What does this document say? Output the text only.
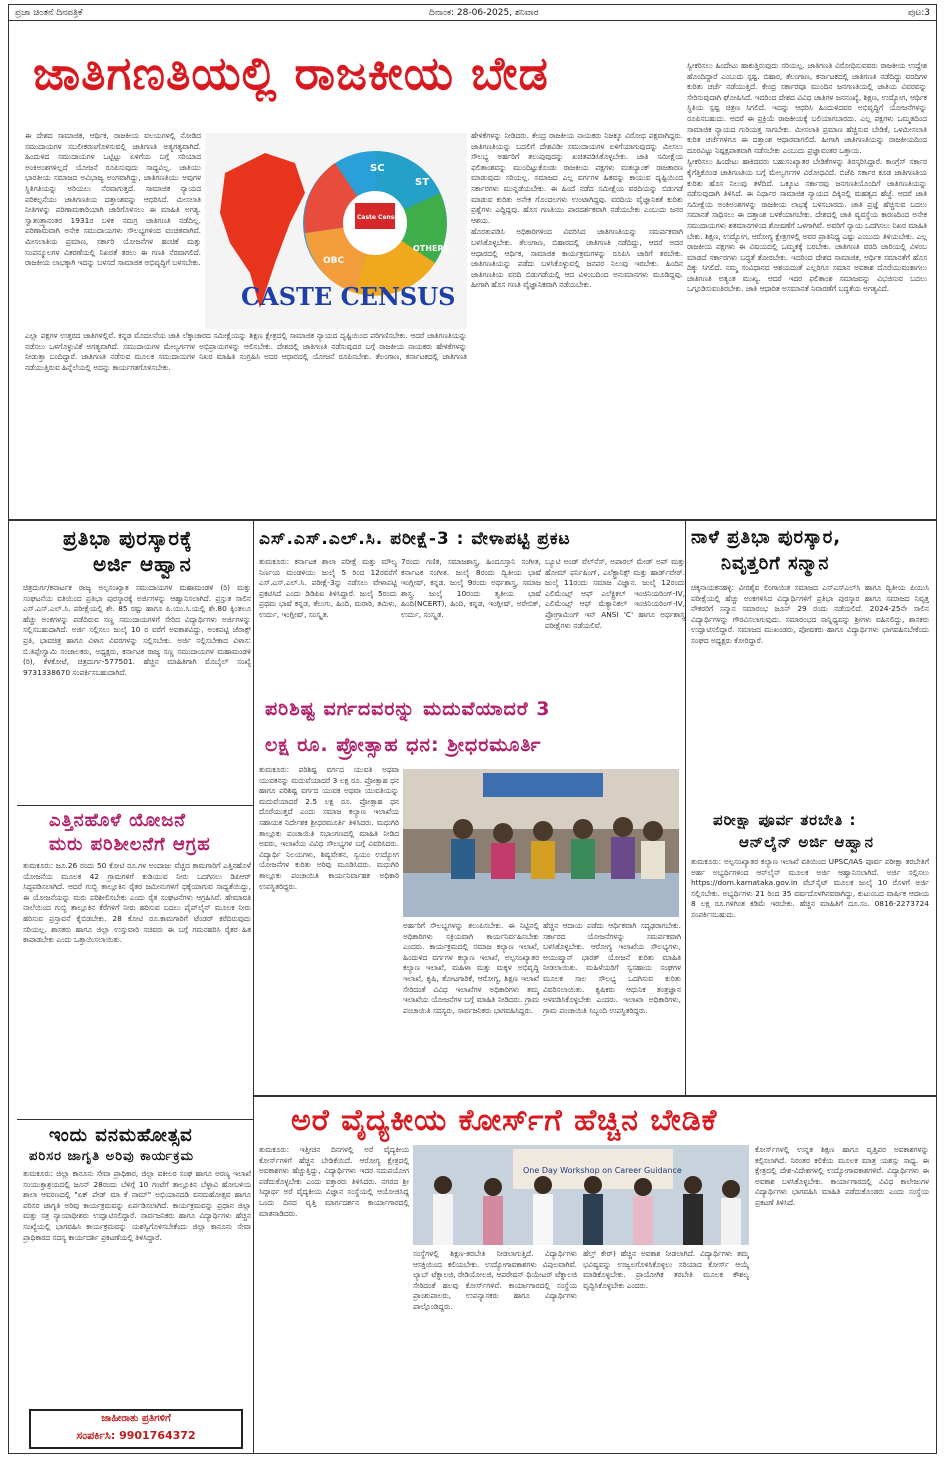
ಪ್ರಜಾ ಚಿಂತನೆ ದಿನಪತ್ರಿಕೆ	ದಿನಾಂಕ: 28-06-2025, ಶನಿವಾರ	ಪುಟ:3
ಜಾತಿಗಣತಿಯಲ್ಲಿ ರಾಜಕೀಯ ಬೇಡ
SC
ST
OTHERS
OBC
Caste Census
CASTE CENSUS

ಈ ದೇಶದ ಸಾಮಾಜಿಕ, ಆರ್ಥಿಕ, ರಾಜಕೀಯ ವಲಯಗಳಲ್ಲಿ ನೋಡಿದ ಸಮುದಾಯಗಳ ಸಬಲೀಕರಣಗೊಳಿಸುವಲ್ಲಿ ಜಾತಿಗಣತಿ ಅತ್ಯಗತ್ಯವಾಗಿದೆ. ಹಿಂದುಳಿದ ಸಮುದಾಯಗಳ ಒಟ್ಟಿಟ್ಟು ಏಳಿಗೆಯ ಬಗ್ಗೆ ಸರಿಯಾದ ಅಂಕಿಅಂಶಗಳಿಲ್ಲದೆ ಯೋಜನೆ ರೂಪಿಸುವುದು ಸಾಧ್ಯವಿಲ್ಲ. ಜಾತಿಯು ಭಾರತೀಯ ಸಮಾಜದ ಅವಿಭಾಜ್ಯ ಅಂಗವಾಗಿದ್ದು, ಜಾತಿಗಣತಿಯು ಅವುಗಳ ಸ್ಥಿತಿಗತಿಯನ್ನು ಅರಿಯಲು ನೆರವಾಗುತ್ತದೆ. ಸಾಮಾಜಿಕ ನ್ಯಾಯದ ಪರಿಕಲ್ಪನೆಯು ಜಾತಿಗಣತಿಯ ದತ್ತಾಂಶವನ್ನು ಆಧರಿಸಿದೆ. ಮೀಸಲಾತಿ ನೀತಿಗಳನ್ನು ಪರಿಣಾಮಕಾರಿಯಾಗಿ ಜಾರಿಗೊಳಿಸಲು ಈ ಮಾಹಿತಿ ಅಗತ್ಯ. ಸ್ವಾತಂತ್ರ್ಯಾನಂತರ 1931ರ ಬಳಿಕ ಸಮಗ್ರ ಜಾತಿಗಣತಿ ನಡೆದಿಲ್ಲ. ಪರಿಣಾಮವಾಗಿ ಅನೇಕ ಸಮುದಾಯಗಳು ಸೌಲಭ್ಯಗಳಿಂದ ವಂಚಿತವಾಗಿವೆ. ಮೀಸಲಾತಿಯ ಪ್ರಮಾಣ, ಸರ್ಕಾರಿ ಯೋಜನೆಗಳ ಹಂಚಿಕೆ ಮತ್ತು ಸಂಪನ್ಮೂಲಗಳ ವಿತರಣೆಯಲ್ಲಿ ನಿಖರತೆ ತರಲು ಈ ಗಣತಿ ನೆರವಾಗಲಿದೆ. ರಾಜಕೀಯ ಲಾಭಕ್ಕಾಗಿ ಇದನ್ನು ಬಳಸದೆ ಸಾಮಾಜಿಕ ಅಭಿವೃದ್ಧಿಗೆ ಬಳಸಬೇಕು.

ಎಲ್ಲಾ ಪಕ್ಷಗಳ ಉತ್ತರದ ಜಾತಿಗಳಲ್ಲಿವೆ. ಕನ್ನಡ ಮೊದಲನೆಯ ಜಾತಿ ಲೆಕ್ಕಾಚಾರದ ಸಮೀಕ್ಷೆಯನ್ನು ಶಿಕ್ಷಣ ಕ್ಷೇತ್ರದಲ್ಲಿ ಸಾಮಾಜಿಕ ನ್ಯಾಯದ ದೃಷ್ಟಿಯಿಂದ ಪರಿಗಣಿಸಬೇಕು. ಆದರೆ ಜಾತಿಗಣತಿಯನ್ನು ನಡೆಸಲು ಒಳಗೊಳ್ಳುವಿಕೆ ಅಗತ್ಯವಾಗಿದೆ. ಸಮುದಾಯಗಳ ಮೇಲ್ವರ್ಗಗಳ ಅಭಿಪ್ರಾಯಗಳನ್ನು ಆಲಿಸಬೇಕು. ದೇಶದಲ್ಲಿ ಜಾತಿಗಣತಿ ನಡೆಸುವುದರ ಬಗ್ಗೆ ರಾಜಕೀಯ ನಾಯಕರು ಹೇಳಿಕೆಗಳನ್ನು ನೀಡುತ್ತಾ ಬಂದಿದ್ದಾರೆ. ಜಾತಿಗಣತಿ ನಡೆಸುವ ಮೂಲಕ ಸಮುದಾಯಗಳ ನಿಖರ ಮಾಹಿತಿ ಸಂಗ್ರಹಿಸಿ ಅದರ ಆಧಾರದಲ್ಲಿ ಯೋಜನೆ ರೂಪಿಸಬೇಕು. ತೆಲಂಗಾಣ, ಕರ್ನಾಟಕದಲ್ಲಿ ಜಾತಿಗಣತಿ ನಡೆಯುತ್ತಿರುವ ಹಿನ್ನೆಲೆಯಲ್ಲಿ ಅದನ್ನು ಕಾರ್ಯಗತಗೊಳಿಸಬೇಕು.

ಹೇಳಿಕೆಗಳನ್ನು ನೀಡಿದರು. ಕೇಂದ್ರ ರಾಜಕೀಯ ನಾಯಕರು ನಿಜಕ್ಕೂ ವಿರೋಧ ಪಕ್ಷವಾಗಿದ್ದರು. ಜಾತಿಗಣತಿಯನ್ನು ಬದಲಿಗೆ ದೇಶವಿಡೀ ಸಮುದಾಯಗಳ ಏಳಿಗೆಯಾಗುವುದನ್ನು ಮೀಸಲು ಸೌಲಭ್ಯ ಅರ್ಹರಿಗೆ ತಲುಪುವುದನ್ನು ಖಚಿತಪಡಿಸಿಕೊಳ್ಳಬೇಕು. ಜಾತಿ ಸಮೀಕ್ಷೆಯ ಫಲಿತಾಂಶವನ್ನು ಮುಂದಿಟ್ಟುಕೊಂಡು ರಾಜಕೀಯ ಪಕ್ಷಗಳು ಮತಬ್ಯಾಂಕ್ ರಾಜಕಾರಣ ಮಾಡುವುದು ಸರಿಯಲ್ಲ. ಸಮಾಜದ ಎಲ್ಲ ವರ್ಗಗಳ ಹಿತವನ್ನು ಕಾಯುವ ದೃಷ್ಟಿಯಿಂದ ಸರ್ಕಾರಗಳು ಮುನ್ನಡೆಯಬೇಕು. ಈ ಹಿಂದೆ ನಡೆದ ಸಮೀಕ್ಷೆಯ ವರದಿಯನ್ನು ಬಿಡುಗಡೆ ಮಾಡುವ ಕುರಿತು ಅನೇಕ ಗೊಂದಲಗಳು ಉಂಟಾಗಿದ್ದವು. ವರದಿಯ ವೈಜ್ಞಾನಿಕತೆ ಕುರಿತು ಪ್ರಶ್ನೆಗಳು ಎದ್ದಿದ್ದವು. ಹೊಸ ಗಣತಿಯು ಪಾರದರ್ಶಕವಾಗಿ ನಡೆಯಬೇಕು ಎಂಬುದು ಜನರ ಆಶಯ.

ಹೊರತುಪಡಿಸಿ ಅಧಿಕಾರಿಗಳಿಂದ ವಿವರಿಸಿದ ಜಾತಿಗಣತಿಯನ್ನು ಸಮರ್ಪಕವಾಗಿ ಬಳಸಿಕೊಳ್ಳಬೇಕು. ತೆಲಂಗಾಣ, ಬಿಹಾರದಲ್ಲಿ ಜಾತಿಗಣತಿ ನಡೆದಿದ್ದು, ಆದರೆ ಅದರ ಆಧಾರದಲ್ಲಿ ಆರ್ಥಿಕ, ಸಾಮಾಜಿಕ ಕಾರ್ಯಕ್ರಮಗಳನ್ನು ರೂಪಿಸಿ ಜಾರಿಗೆ ತರಬೇಕು. ಜಾತಿಗಣತಿಯನ್ನು ಪಡೆದು ಬಳಸಿಕೊಳ್ಳುವಲ್ಲಿ ಜನಪರ ನಿಲುವು ಇರಬೇಕು. ಹಿಂದಿನ ಜಾತಿಗಣತಿಯ ವರದಿ ಬಿಡುಗಡೆಯಲ್ಲಿ ಆದ ವಿಳಂಬದಿಂದ ಅನುಮಾನಗಳು ಮೂಡಿದ್ದವು. ಹೀಗಾಗಿ ಹೊಸ ಗಣತಿ ವೈಜ್ಞಾನಿಕವಾಗಿ ನಡೆಯಬೇಕು.

ಸ್ವೀಕರಿಸಲು ಹಿಂದೇಟು ಹಾಕುತ್ತಿರುವುದು ಸರಿಯಲ್ಲ. ಜಾತಿಗಣತಿ ವಿರೋಧಿಸುವವರು ರಾಜಕೀಯ ಉದ್ದೇಶ ಹೊಂದಿದ್ದಾರೆ ಎಂಬುದು ಸ್ಪಷ್ಟ. ಬಿಹಾರ, ತೆಲಂಗಾಣ, ಕರ್ನಾಟಕದಲ್ಲಿ ಜಾತಿಗಣತಿ ನಡೆದಿದ್ದು ವರದಿಗಳ ಕುರಿತು ಚರ್ಚೆ ನಡೆಯುತ್ತಿದೆ. ಕೇಂದ್ರ ಸರ್ಕಾರವೂ ಮುಂದಿನ ಜನಗಣತಿಯಲ್ಲಿ ಜಾತಿಯ ವಿವರವನ್ನು ಸೇರಿಸುವುದಾಗಿ ಘೋಷಿಸಿದೆ. ಇದರಿಂದ ದೇಶದ ವಿವಿಧ ಜಾತಿಗಳ ಜನಸಂಖ್ಯೆ, ಶಿಕ್ಷಣ, ಉದ್ಯೋಗ, ಆರ್ಥಿಕ ಸ್ಥಿತಿಯ ಸ್ಪಷ್ಟ ಚಿತ್ರಣ ಸಿಗಲಿದೆ. ಇದನ್ನು ಆಧರಿಸಿ ಹಿಂದುಳಿದವರ ಅಭಿವೃದ್ಧಿಗೆ ಯೋಜನೆಗಳನ್ನು ರೂಪಿಸಬಹುದು. ಆದರೆ ಈ ಪ್ರಕ್ರಿಯೆ ರಾಜಕೀಯಕ್ಕೆ ಬಲಿಯಾಗಬಾರದು. ಎಲ್ಲ ಪಕ್ಷಗಳು ಒಮ್ಮತದಿಂದ ಸಾಮಾಜಿಕ ನ್ಯಾಯದ ಗುರಿಯತ್ತ ಸಾಗಬೇಕು. ಮೀಸಲಾತಿ ಪ್ರಮಾಣ ಹೆಚ್ಚಿಸುವ ಬೇಡಿಕೆ, ಒಳಮೀಸಲಾತಿ ಕುರಿತ ಚರ್ಚೆಗಳಿಗೂ ಈ ದತ್ತಾಂಶ ಆಧಾರವಾಗಲಿದೆ. ಹೀಗಾಗಿ ಜಾತಿಗಣತಿಯನ್ನು ರಾಜಕೀಯದಿಂದ ದೂರವಿಟ್ಟು ನಿಷ್ಪಕ್ಷಪಾತವಾಗಿ ನಡೆಸಬೇಕು ಎಂಬುದು ಪ್ರಜ್ಞಾವಂತರ ಒತ್ತಾಯ.

ಸ್ವೀಕರಿಸಲು ಹಿಂದೇಟು ಹಾಕಿದವರು ಬಹುಸಂಖ್ಯಾತರ ಬೇಡಿಕೆಗಳನ್ನು ತಿರಸ್ಕರಿಸಿದ್ದಾರೆ. ಕಾಂಗ್ರೆಸ್ ಸರ್ಕಾರ ಕೈಗೆತ್ತಿಕೊಂಡ ಜಾತಿಗಣತಿಯ ಬಗ್ಗೆ ಮೇಲ್ವರ್ಗಗಳ ವಿರೋಧವಿದೆ. ಬಿಜೆಪಿ ಸರ್ಕಾರ ಕೂಡ ಜಾತಿಗಣತಿಯ ಕುರಿತು ಹೊಸ ನಿಲುವು ತಳೆದಿದೆ. ಒಕ್ಕೂಟ ಸರ್ಕಾರವು ಜನಗಣತಿಯೊಂದಿಗೆ ಜಾತಿಗಣತಿಯನ್ನು ನಡೆಸುವುದಾಗಿ ತಿಳಿಸಿದೆ. ಈ ನಿರ್ಧಾರ ಸಾಮಾಜಿಕ ನ್ಯಾಯದ ದಿಕ್ಕಿನಲ್ಲಿ ಮಹತ್ವದ ಹೆಜ್ಜೆ. ಆದರೆ ಜಾತಿ ಸಮೀಕ್ಷೆಯ ಅಂಕಿಅಂಶಗಳನ್ನು ರಾಜಕೀಯ ಲಾಭಕ್ಕೆ ಬಳಸಬಾರದು. ಜಾತಿ ಪ್ರಜ್ಞೆ ಹೆಚ್ಚಿಸುವ ಬದಲು ಸಮಾನತೆ ಸಾಧಿಸಲು ಈ ದತ್ತಾಂಶ ಬಳಕೆಯಾಗಬೇಕು. ದೇಶದಲ್ಲಿ ಜಾತಿ ವ್ಯವಸ್ಥೆಯ ಕಾರಣದಿಂದ ಅನೇಕ ಸಮುದಾಯಗಳು ಶತಮಾನಗಳಿಂದ ಶೋಷಣೆಗೆ ಒಳಗಾಗಿವೆ. ಅವರಿಗೆ ನ್ಯಾಯ ಒದಗಿಸಲು ನಿಖರ ಮಾಹಿತಿ ಬೇಕು. ಶಿಕ್ಷಣ, ಉದ್ಯೋಗ, ಆರೋಗ್ಯ ಕ್ಷೇತ್ರಗಳಲ್ಲಿ ಅವರ ಪ್ರಾತಿನಿಧ್ಯ ಎಷ್ಟು ಎಂಬುದು ತಿಳಿಯಬೇಕು. ಎಲ್ಲ ರಾಜಕೀಯ ಪಕ್ಷಗಳು ಈ ವಿಷಯದಲ್ಲಿ ಒಮ್ಮತಕ್ಕೆ ಬರಬೇಕು. ಜಾತಿಗಣತಿ ವರದಿ ಜಾರಿಯಲ್ಲಿ ವಿಳಂಬ ಮಾಡದೆ ಸರ್ಕಾರಗಳು ಬದ್ಧತೆ ತೋರಬೇಕು. ಇದರಿಂದ ದೇಶದ ಸಾಮಾಜಿಕ, ಆರ್ಥಿಕ ಸಮಾನತೆಗೆ ಹೊಸ ದಿಕ್ಕು ಸಿಗಲಿದೆ. ನಮ್ಮ ಸಂವಿಧಾನದ ಆಶಯದಂತೆ ಎಲ್ಲರಿಗೂ ಸಮಾನ ಅವಕಾಶ ದೊರೆಯುವಂತಾಗಲು ಜಾತಿಗಣತಿ ಅತ್ಯಂತ ಮುಖ್ಯ. ಆದರೆ ಇದರ ಫಲಿತಾಂಶ ಸಮಾಜವನ್ನು ವಿಭಜಿಸುವ ಬದಲು ಒಗ್ಗೂಡಿಸುವಂತಿರಬೇಕು. ಜಾತಿ ಆಧಾರಿತ ಅಸಮಾನತೆ ನಿವಾರಣೆಗೆ ಬದ್ಧತೆಯ ಅಗತ್ಯವಿದೆ.

ಪ್ರತಿಭಾ ಪುರಸ್ಕಾರಕ್ಕೆ
ಅರ್ಜಿ ಆಹ್ವಾನ

ಚಿತ್ರದುರ್ಗ/ಕನಾರ್ಟಕ ರಾಜ್ಯ ಅಲ್ಪಸಂಖ್ಯಾತ ಸಮುದಾಯಗಳ ಮಹಾಮಂಡಳಿ (ರಿ) ಮತ್ತು ಸಂಘಟನೆಯ ವತಿಯಿಂದ ಪ್ರತಿಭಾ ಪುರಸ್ಕಾರಕ್ಕೆ ಅರ್ಜಿಗಳನ್ನು ಆಹ್ವಾನಿಸಲಾಗಿದೆ. ಪ್ರಸ್ತುತ ಸಾಲಿನ ಎಸ್.ಎಸ್.ಎಲ್.ಸಿ. ಪರೀಕ್ಷೆಯಲ್ಲಿ ಶೇ. 85 ರಷ್ಟು ಹಾಗೂ ಪಿ.ಯು.ಸಿ.ಯಲ್ಲಿ ಶೇ.80 ಕ್ಕಿಂತಲೂ ಹೆಚ್ಚು ಅಂಕಗಳನ್ನು ಪಡೆದಿರುವ ಸಣ್ಣ ಸಮುದಾಯಗಳಿಗೆ ಸೇರಿದ ವಿದ್ಯಾರ್ಥಿಗಳು ಅರ್ಜಿಗಳನ್ನು ಸಲ್ಲಿಸಬಹುದಾಗಿದೆ. ಅರ್ಜಿ ಸಲ್ಲಿಸಲು ಜುಲೈ 10 ರ ವರೆಗೆ ಅವಕಾಶವಿದ್ದು, ಅಂಕಪಟ್ಟಿ ಜೆರಾಕ್ಸ್ ಪ್ರತಿ, ಭಾವಚಿತ್ರ ಹಾಗೂ ವಿಳಾಸ ವಿವರಗಳನ್ನು ಸಲ್ಲಿಸಬೇಕು. ಅರ್ಜಿ ಸಲ್ಲಿಸಬೇಕಾದ ವಿಳಾಸ: ಬಿ.ತಿಪ್ಪೇಸ್ವಾಮಿ ಸಂಚಾಲಕರು, ಅಧ್ಯಕ್ಷರು, ಕರ್ನಾಟಕ ರಾಜ್ಯ ಸಣ್ಣ ಸಮುದಾಯಗಳ ಮಹಾಮಂಡಳಿ (ರಿ), ಕೆಳಕೋಟೆ, ಚಿತ್ರದುರ್ಗ-577501. ಹೆಚ್ಚಿನ ಮಾಹಿತಿಗಾಗಿ ಮೊಬೈಲ್ ಸಂಖ್ಯೆ 9731338670 ಸಂಪರ್ಕಿಸಬಹುದಾಗಿದೆ.

ಎತ್ತಿನಹೊಳೆ ಯೋಜನೆ
ಮರು ಪರಿಶೀಲನೆಗೆ ಆಗ್ರಹ

ತುಮಕೂರು: ಜೂ.26 ರಂದು 50 ಕೋಟಿ ರೂ.ಗಳ ಅಂದಾಜು ವೆಚ್ಚದ ಕಾಮಗಾರಿಗೆ ಎತ್ತಿನಹೊಳೆ ಯೋಜನೆಯ ಮೂಲಕ 42 ಗ್ರಾಮಗಳಿಗೆ ಕುಡಿಯುವ ನೀರು ಒದಗಿಸಲು ಡಿಪಿಆರ್ ಸಿದ್ಧಪಡಿಸಲಾಗಿದೆ. ಆದರೆ ಗುಬ್ಬಿ ತಾಲ್ಲೂಕಿನ ರೈತರ ಜಮೀನುಗಳಿಗೆ ಧಕ್ಕೆಯಾಗುವ ಸಾಧ್ಯತೆಯಿದ್ದು, ಈ ಯೋಜನೆಯನ್ನು ಮರು ಪರಿಶೀಲಿಸಬೇಕು ಎಂದು ರೈತ ಸಂಘಟನೆಗಳು ಆಗ್ರಹಿಸಿವೆ. ಹೇಮಾವತಿ ನಾಲೆಯಿಂದ ಗುಬ್ಬಿ ತಾಲ್ಲೂಕಿನ ಕೆರೆಗಳಿಗೆ ನೀರು ಹರಿಸುವ ಬದಲು ಪೈಪ್‌ಲೈನ್ ಮೂಲಕ ನೀರು ಹರಿಸುವ ಪ್ರಸ್ತಾವನೆ ಕೈಬಿಡಬೇಕು. 28 ಕೋಟಿ ರೂ.ಕಾಮಗಾರಿಗೆ ಟೆಂಡರ್ ಕರೆದಿರುವುದು ಸರಿಯಲ್ಲ. ಶಾಸಕರು ಹಾಗೂ ಜಿಲ್ಲಾ ಉಸ್ತುವಾರಿ ಸಚಿವರು ಈ ಬಗ್ಗೆ ಗಮನಹರಿಸಿ ರೈತರ ಹಿತ ಕಾಪಾಡಬೇಕು ಎಂದು ಒತ್ತಾಯಿಸಲಾಯಿತು.

ಇಂದು ವನಮಹೋತ್ಸವ
ಪರಿಸರ ಜಾಗೃತಿ ಅರಿವು ಕಾರ್ಯಕ್ರಮ

ತುಮಕೂರು: ಜಿಲ್ಲಾ ಕಾನೂನು ಸೇವಾ ಪ್ರಾಧಿಕಾರ, ಜಿಲ್ಲಾ ವಕೀಲರ ಸಂಘ ಹಾಗೂ ಅರಣ್ಯ ಇಲಾಖೆ ಸಂಯುಕ್ತಾಶ್ರಯದಲ್ಲಿ ಜೂನ್ 28ರಂದು ಬೆಳಿಗ್ಗೆ 10 ಗಂಟೆಗೆ ತಾಲ್ಲೂಕಿನ ಬೆಳ್ಳಾವಿ ಹೋಬಳಿಯ ಶಾಲಾ ಆವರಣದಲ್ಲಿ "ಏಕ್ ಪೇಡ್ ಮಾ ಕೆ ನಾಮ್" ಅಭಿಯಾನದಡಿ ವನಮಹೋತ್ಸವ ಹಾಗೂ ಪರಿಸರ ಜಾಗೃತಿ ಅರಿವು ಕಾರ್ಯಕ್ರಮವನ್ನು ಏರ್ಪಡಿಸಲಾಗಿದೆ. ಕಾರ್ಯಕ್ರಮವನ್ನು ಪ್ರಧಾನ ಜಿಲ್ಲಾ ಮತ್ತು ಸತ್ರ ನ್ಯಾಯಾಧೀಶರು ಉದ್ಘಾಟಿಸಲಿದ್ದಾರೆ. ಸಾರ್ವಜನಿಕರು ಹಾಗೂ ವಿದ್ಯಾರ್ಥಿಗಳು ಹೆಚ್ಚಿನ ಸಂಖ್ಯೆಯಲ್ಲಿ ಭಾಗವಹಿಸಿ ಕಾರ್ಯಕ್ರಮವನ್ನು ಯಶಸ್ವಿಗೊಳಿಸಬೇಕೆಂದು ಜಿಲ್ಲಾ ಕಾನೂನು ಸೇವಾ ಪ್ರಾಧಿಕಾರದ ಸದಸ್ಯ ಕಾರ್ಯದರ್ಶಿ ಪ್ರಕಟಣೆಯಲ್ಲಿ ತಿಳಿಸಿದ್ದಾರೆ.

ಜಾಹೀರಾತು ಪ್ರತಿಗಳಿಗೆ
ಸಂಪರ್ಕಿಸಿ: 9901764372
ಎಸ್.ಎಸ್.ಎಲ್.ಸಿ. ಪರೀಕ್ಷೆ-3 : ವೇಳಾಪಟ್ಟಿ ಪ್ರಕಟ

ತುಮಕೂರು: ಕರ್ನಾಟಕ ಶಾಲಾ ಪರೀಕ್ಷೆ ಮತ್ತು ಮೌಲ್ಯ ನಿರ್ಣಯ ಮಂಡಳಿಯು ಜುಲೈ 5 ರಿಂದ 12ರವರೆಗೆ ಎಸ್.ಎಸ್.ಎಲ್.ಸಿ. ಪರೀಕ್ಷೆ-3ನ್ನು ನಡೆಸಲು ವೇಳಾಪಟ್ಟಿ ಪ್ರಕಟಿಸಿದೆ ಎಂದು ಡಿಡಿಪಿಐ ತಿಳಿಸಿದ್ದಾರೆ. ಜುಲೈ 5ರಂದು ಪ್ರಥಮ ಭಾಷೆ ಕನ್ನಡ, ತೆಲುಗು, ಹಿಂದಿ, ಮರಾಠಿ, ತಮಿಳು, ಉರ್ದು, ಇಂಗ್ಲೀಷ್, ಸಂಸ್ಕೃತ.

7ರಂದು ಗಣಿತ, ಸಮಾಜಶಾಸ್ತ್ರ, ಹಿಂದೂಸ್ತಾನಿ ಸಂಗೀತ, ಕರ್ನಾಟಕ ಸಂಗೀತ. ಜುಲೈ 8ರಂದು ದ್ವಿತೀಯ ಭಾಷೆ ಇಂಗ್ಲೀಷ್, ಕನ್ನಡ. ಜುಲೈ 9ರಂದು ಅರ್ಥಶಾಸ್ತ್ರ, ಸಮಾಜ ಶಾಸ್ತ್ರ. ಜುಲೈ 10ರಂದು ತೃತೀಯ ಭಾಷೆ ಹಿಂದಿ(NCERT), ಹಿಂದಿ, ಕನ್ನಡ, ಇಂಗ್ಲೀಷ್, ಅರೇಬಿಕ್, ಉರ್ದು, ಸಂಸ್ಕೃತ.

ಬ್ಯೂಟಿ ಅಂಡ್ ವೆಲ್‌ನೆಸ್, ಅಪಾರಲ್ ಮೇಡ್ ಅಪ್ ಮತ್ತು ಹೋಮ್ ಫರ್ನಿಷಿಂಗ್, ಎಲೆಕ್ಟ್ರಾನಿಕ್ಸ್ ಮತ್ತು ಹಾರ್ಡ್‌ವೇರ್. ಜುಲೈ 11ರಂದು ಸಮಾಜ ವಿಜ್ಞಾನ. ಜುಲೈ 12ರಂದು ಎಲಿಮೆಂಟ್ಸ್ ಆಫ್ ಎಲೆಕ್ಟ್ರಿಕಲ್ ಇಂಜಿನಿಯರಿಂಗ್-IV, ಎಲಿಮೆಂಟ್ಸ್ ಆಫ್ ಮೆಕ್ಯಾನಿಕಲ್ ಇಂಜಿನಿಯರಿಂಗ್-IV, ಪ್ರೋಗ್ರಾಮಿಂಗ್ ಇನ್ ANSI 'C' ಹಾಗೂ ಅರ್ಥಶಾಸ್ತ್ರ ಪರೀಕ್ಷೆಗಳು ನಡೆಯಲಿವೆ.

ಪರಿಶಿಷ್ಟ ವರ್ಗದವರನ್ನು ಮದುವೆಯಾದರೆ 3
ಲಕ್ಷ ರೂ. ಪ್ರೋತ್ಸಾಹ ಧನ: ಶ್ರೀಧರಮೂರ್ತಿ

ತುಮಕೂರು: ಪರಿಶಿಷ್ಟ ವರ್ಗದ ಯುವತಿ ಅಥವಾ ಯುವಕನನ್ನು ಮದುವೆಯಾದರೆ 3 ಲಕ್ಷ ರೂ. ಪ್ರೋತ್ಸಾಹ ಧನ ಹಾಗೂ ಪರಿಶಿಷ್ಟ ವರ್ಗದ ಯುವಕ ಅಥವಾ ಯುವತಿಯನ್ನು ಮದುವೆಯಾದರೆ 2.5 ಲಕ್ಷ ರೂ. ಪ್ರೋತ್ಸಾಹ ಧನ ದೊರೆಯುತ್ತದೆ ಎಂದು ಸಮಾಜ ಕಲ್ಯಾಣ ಇಲಾಖೆಯ ಸಹಾಯಕ ನಿರ್ದೇಶಕ ಶ್ರೀಧರಮೂರ್ತಿ ತಿಳಿಸಿದರು. ಮಧುಗಿರಿ ತಾಲ್ಲೂಕು ಪಂಚಾಯಿತಿ ಸಭಾಂಗಣದಲ್ಲಿ ಮಾಹಿತಿ ನೀಡಿದ ಅವರು, ಇಲಾಖೆಯ ವಿವಿಧ ಸೌಲಭ್ಯಗಳ ಬಗ್ಗೆ ವಿವರಿಸಿದರು. ವಿದ್ಯಾರ್ಥಿ ನಿಲಯಗಳು, ಶಿಷ್ಯವೇತನ, ಸ್ವಯಂ ಉದ್ಯೋಗ ಯೋಜನೆಗಳ ಕುರಿತು ಅರಿವು ಮೂಡಿಸಿದರು. ಮಧುಗಿರಿ ತಾಲ್ಲೂಕು ಪಂಚಾಯಿತಿ ಕಾರ್ಯನಿರ್ವಾಹಕ ಅಧಿಕಾರಿ ಉಪಸ್ಥಿತರಿದ್ದರು.

ಅರ್ಹರಿಗೆ ಸೌಲಭ್ಯಗಳನ್ನು ತಲುಪಿಸಬೇಕು. ಈ ನಿಟ್ಟಿನಲ್ಲಿ ಅಧಿಕಾರಿಗಳು ಸಕ್ರಿಯವಾಗಿ ಕಾರ್ಯನಿರ್ವಹಿಸಬೇಕು ಎಂದರು. ಕಾರ್ಯಕ್ರಮದಲ್ಲಿ ಸಮಾಜ ಕಲ್ಯಾಣ ಇಲಾಖೆ, ಹಿಂದುಳಿದ ವರ್ಗಗಳ ಕಲ್ಯಾಣ ಇಲಾಖೆ, ಅಲ್ಪಸಂಖ್ಯಾತರ ಕಲ್ಯಾಣ ಇಲಾಖೆ, ಮಹಿಳಾ ಮತ್ತು ಮಕ್ಕಳ ಅಭಿವೃದ್ಧಿ ಇಲಾಖೆ, ಕೃಷಿ, ತೋಟಗಾರಿಕೆ, ಆರೋಗ್ಯ, ಶಿಕ್ಷಣ ಇಲಾಖೆ ಸೇರಿದಂತೆ ವಿವಿಧ ಇಲಾಖೆಗಳ ಅಧಿಕಾರಿಗಳು ತಮ್ಮ ಇಲಾಖೆಯ ಯೋಜನೆಗಳ ಬಗ್ಗೆ ಮಾಹಿತಿ ನೀಡಿದರು. ಗ್ರಾಮ ಪಂಚಾಯಿತಿ ಸದಸ್ಯರು, ಸಾರ್ವಜನಿಕರು ಭಾಗವಹಿಸಿದ್ದರು.

ಹೆಚ್ಚಿನ ಆದಾಯ ಪಡೆದು ಆರ್ಥಿಕವಾಗಿ ಸದೃಢರಾಗಬೇಕು. ಸರ್ಕಾರದ ಯೋಜನೆಗಳನ್ನು ಸಮರ್ಪಕವಾಗಿ ಬಳಸಿಕೊಳ್ಳಬೇಕು. ಆರೋಗ್ಯ ಇಲಾಖೆಯ ಸೌಲಭ್ಯಗಳು, ಆಯುಷ್ಮಾನ್ ಭಾರತ್ ಯೋಜನೆ ಕುರಿತು ಮಾಹಿತಿ ನೀಡಲಾಯಿತು. ಮಹಿಳೆಯರಿಗೆ ಸ್ವಸಹಾಯ ಸಂಘಗಳ ಮೂಲಕ ಸಾಲ ಸೌಲಭ್ಯ ಒದಗಿಸುವ ಕುರಿತು ವಿವರಿಸಲಾಯಿತು. ಕೃಷಿಕರು ಆಧುನಿಕ ತಂತ್ರಜ್ಞಾನ ಅಳವಡಿಸಿಕೊಳ್ಳಬೇಕು ಎಂದರು. ಇಲಾಖಾ ಅಧಿಕಾರಿಗಳು, ಗ್ರಾಮ ಪಂಚಾಯಿತಿ ಸಿಬ್ಬಂದಿ ಉಪಸ್ಥಿತರಿದ್ದರು.

ನಾಳೆ ಪ್ರತಿಭಾ ಪುರಸ್ಕಾರ,
ನಿವೃತ್ತರಿಗೆ ಸನ್ಮಾನ

ಚಿಕ್ಕನಾಯಕನಹಳ್ಳಿ: ವೀರಶೈವ ಲಿಂಗಾಯಿತ ಸಮಾಜದ ಎಸ್‌ಎಸ್‌ಎಲ್‌ಸಿ ಹಾಗೂ ದ್ವಿತೀಯ ಪಿಯುಸಿ ಪರೀಕ್ಷೆಯಲ್ಲಿ ಹೆಚ್ಚು ಅಂಕಗಳಿಸಿದ ವಿದ್ಯಾರ್ಥಿಗಳಿಗೆ ಪ್ರತಿಭಾ ಪುರಸ್ಕಾರ ಹಾಗೂ ಸಮಾಜದ ನಿವೃತ್ತ ನೌಕರರಿಗೆ ಸನ್ಮಾನ ಸಮಾರಂಭ ಜೂನ್ 29 ರಂದು ನಡೆಯಲಿದೆ. 2024-25ನೇ ಸಾಲಿನ ವಿದ್ಯಾರ್ಥಿಗಳನ್ನು ಗೌರವಿಸಲಾಗುವುದು. ಸಮಾರಂಭದ ಸಾನ್ನಿಧ್ಯವನ್ನು ಶ್ರೀಗಳು ವಹಿಸಲಿದ್ದು, ಶಾಸಕರು ಉದ್ಘಾಟಿಸಲಿದ್ದಾರೆ. ಸಮಾಜದ ಮುಖಂಡರು, ಪೋಷಕರು ಹಾಗೂ ವಿದ್ಯಾರ್ಥಿಗಳು ಭಾಗವಹಿಸಬೇಕೆಂದು ಸಂಘದ ಅಧ್ಯಕ್ಷರು ಕೋರಿದ್ದಾರೆ.

ಪರೀಕ್ಷಾ ಪೂರ್ವ ತರಬೇತಿ :
ಆನ್‌ಲೈನ್ ಅರ್ಜಿ ಆಹ್ವಾನ

ತುಮಕೂರು: ಅಲ್ಪಸಂಖ್ಯಾತರ ಕಲ್ಯಾಣ ಇಲಾಖೆ ವತಿಯಿಂದ UPSC/IAS ಪೂರ್ವ ಪರೀಕ್ಷಾ ತರಬೇತಿಗೆ ಅರ್ಹ ಅಭ್ಯರ್ಥಿಗಳಿಂದ ಆನ್‌ಲೈನ್ ಮೂಲಕ ಅರ್ಜಿ ಆಹ್ವಾನಿಸಲಾಗಿದೆ. ಅರ್ಜಿ ಸಲ್ಲಿಸಲು https://dom.karnataka.gov.in ವೆಬ್‌ಸೈಟ್ ಮೂಲಕ ಜುಲೈ 10 ರೊಳಗೆ ಅರ್ಜಿ ಸಲ್ಲಿಸಬೇಕು. ಅಭ್ಯರ್ಥಿಗಳು 21 ರಿಂದ 35 ವರ್ಷದೊಳಗಿನವರಾಗಿದ್ದು, ಕುಟುಂಬದ ವಾರ್ಷಿಕ ಆದಾಯ 8 ಲಕ್ಷ ರೂ.ಗಳಿಗಿಂತ ಕಡಿಮೆ ಇರಬೇಕು. ಹೆಚ್ಚಿನ ಮಾಹಿತಿಗೆ ದೂ.ಸಂ. 0816-2273724 ಸಂಪರ್ಕಿಸಬಹುದು.

ಅರೆ ವೈದ್ಯಕೀಯ ಕೋರ್ಸ್‌ಗೆ ಹೆಚ್ಚಿನ ಬೇಡಿಕೆ

ತುಮಕೂರು: ಇತ್ತೀಚಿನ ದಿನಗಳಲ್ಲಿ ಅರೆ ವೈದ್ಯಕೀಯ ಕೋರ್ಸ್‌ಗಳಿಗೆ ಹೆಚ್ಚಿನ ಬೇಡಿಕೆಯಿದೆ. ಆರೋಗ್ಯ ಕ್ಷೇತ್ರದಲ್ಲಿ ಅವಕಾಶಗಳು ಹೆಚ್ಚುತ್ತಿದ್ದು, ವಿದ್ಯಾರ್ಥಿಗಳು ಇದರ ಸದುಪಯೋಗ ಪಡೆದುಕೊಳ್ಳಬೇಕು ಎಂದು ವಕ್ತಾರರು ತಿಳಿಸಿದರು. ನಗರದ ಶ್ರೀ ಸಿದ್ಧಾರ್ಥ ಅರೆ ವೈದ್ಯಕೀಯ ವಿಜ್ಞಾನ ಸಂಸ್ಥೆಯಲ್ಲಿ ಆಯೋಜಿಸಿದ್ದ ಒಂದು ದಿನದ ವೃತ್ತಿ ಮಾರ್ಗದರ್ಶನ ಕಾರ್ಯಾಗಾರದಲ್ಲಿ ಮಾತನಾಡಿದರು.

One Day Workshop on Career Guidance

ಸಂಸ್ಥೆಗಳಲ್ಲಿ ಶಿಕ್ಷಣ-ತರಬೇತಿ ನೀಡಲಾಗುತ್ತಿದೆ. ವಿದ್ಯಾರ್ಥಿಗಳು ಆಸಕ್ತಿಯಿಂದ ಕಲಿಯಬೇಕು. ಉದ್ಯೋಗಾವಕಾಶಗಳು ವಿಪುಲವಾಗಿವೆ. ಲ್ಯಾಬ್ ಟೆಕ್ನಾಲಜಿ, ರೇಡಿಯೋಲಜಿ, ಆಪರೇಷನ್ ಥಿಯೇಟರ್ ಟೆಕ್ನಾಲಜಿ ಸೇರಿದಂತೆ ಹಲವು ಕೋರ್ಸ್‌ಗಳಿವೆ. ಕಾರ್ಯಾಗಾರದಲ್ಲಿ ಸಂಸ್ಥೆಯ ಪ್ರಾಂಶುಪಾಲರು, ಉಪನ್ಯಾಸಕರು ಹಾಗೂ ವಿದ್ಯಾರ್ಥಿಗಳು ಪಾಲ್ಗೊಂಡಿದ್ದರು.

ಹೆಲ್ತ್ ಕೇರ್) ಹೆಚ್ಚಿನ ಅವಕಾಶ ನೀಡಲಾಗಿದೆ. ವಿದ್ಯಾರ್ಥಿಗಳು ತಮ್ಮ ಭವಿಷ್ಯವನ್ನು ಉಜ್ವಲಗೊಳಿಸಿಕೊಳ್ಳಲು ಸರಿಯಾದ ಕೋರ್ಸ್ ಆಯ್ಕೆ ಮಾಡಿಕೊಳ್ಳಬೇಕು. ಪ್ರಾಯೋಗಿಕ ತರಬೇತಿ ಮೂಲಕ ಕೌಶಲ್ಯ ವೃದ್ಧಿಸಿಕೊಳ್ಳಬೇಕು ಎಂದರು.

ಕೋರ್ಸ್‌ಗಳಲ್ಲಿ ಉನ್ನತ ಶಿಕ್ಷಣ ಹಾಗೂ ವೃತ್ತಿಪರ ಅವಕಾಶಗಳನ್ನು ಕಲ್ಪಿಸಲಾಗಿದೆ. ನಿರಂತರ ಕಲಿಕೆಯ ಮೂಲಕ ಮಾತ್ರ ಯಶಸ್ಸು ಸಾಧ್ಯ. ಈ ಕ್ಷೇತ್ರದಲ್ಲಿ ದೇಶ-ವಿದೇಶಗಳಲ್ಲಿ ಉದ್ಯೋಗಾವಕಾಶಗಳಿವೆ. ವಿದ್ಯಾರ್ಥಿಗಳು ಈ ಅವಕಾಶ ಬಳಸಿಕೊಳ್ಳಬೇಕು. ಕಾರ್ಯಾಗಾರದಲ್ಲಿ ವಿವಿಧ ಕಾಲೇಜುಗಳ ವಿದ್ಯಾರ್ಥಿಗಳು ಭಾಗವಹಿಸಿ ಮಾಹಿತಿ ಪಡೆದುಕೊಂಡರು ಎಂದು ಸಂಸ್ಥೆಯ ಪ್ರಕಟಣೆ ತಿಳಿಸಿದೆ.
